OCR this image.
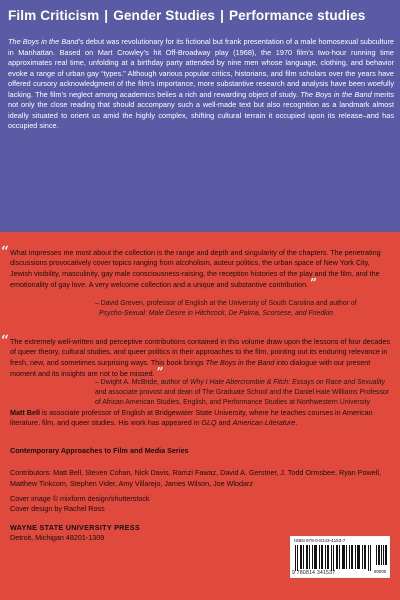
Film Criticism | Gender Studies | Performance studies

The Boys in the Band’s debut was revolutionary for its fictional but frank presentation of a male homosexual subculture in Manhattan. Based on Mart Crowley’s hit Off-Broadway play (1968), the 1970 film’s two-hour running time approximates real time, unfolding at a birthday party attended by nine men whose language, clothing, and behavior evoke a range of urban gay “types.” Although various popular critics, historians, and film scholars over the years have offered cursory acknowledgment of the film’s importance, more substantive research and analysis have been woefully lacking. The film’s neglect among academics belies a rich and rewarding object of study. The Boys in the Band merits not only the close reading that should accompany such a well-made text but also recognition as a landmark almost ideally situated to orient us amid the highly complex, shifting cultural terrain it occupied upon its release–and has occupied since.

“ What impresses me most about the collection is the range and depth and singularity of the chapters. The penetrating discussions provocatively cover topics ranging from alcoholism, auteur politics, the urban space of New York City, Jewish visibility, masculinity, gay male consciousness-raising, the reception histories of the play and the film, and the emotionality of gay love. A very welcome collection and a unique and substantive contribution. ”
– David Greven, professor of English at the University of South Carolina and author of
Psycho-Sexual: Male Desire in Hitchcock, De Palma, Scorsese, and Friedkin
“ The extremely well-written and perceptive contributions contained in this volume draw upon the lessons of four decades of queer theory, cultural studies, and queer politics in their approaches to the film, pointing out its enduring relevance in fresh, new, and sometimes surprising ways. This book brings The Boys in the Band into dialogue with our present moment and its insights are not to be missed. ”
– Dwight A. McBride, author of Why I Hate Abercrombie & Fitch: Essays on Race and Sexuality and associate provost and dean of The Graduate School and the Daniel Hale Williams Professor of African American Studies, English, and Performance Studies at Northwestern University
Matt Bell is associate professor of English at Bridgewater State University, where he teaches courses in American literature, film, and queer studies. His work has appeared in GLQ and American Literature.
Contemporary Approaches to Film and Media Series
Contributors: Matt Bell, Steven Cohan, Nick Davis, Ramzi Fawaz, David A. Gerstner, J. Todd Ormsbee, Ryan Powell, Matthew Tinkcom, Stephen Vider, Amy Villarejo, James Wilson, Joe Wlodarz
Cover image © mixform design/shutterstock
Cover design by Rachel Ross
WAYNE STATE UNIVERSITY PRESS
Detroit, Michigan 48201-1309	ISBN 978-0-8143-4153-7
9 780814 341537	90000
